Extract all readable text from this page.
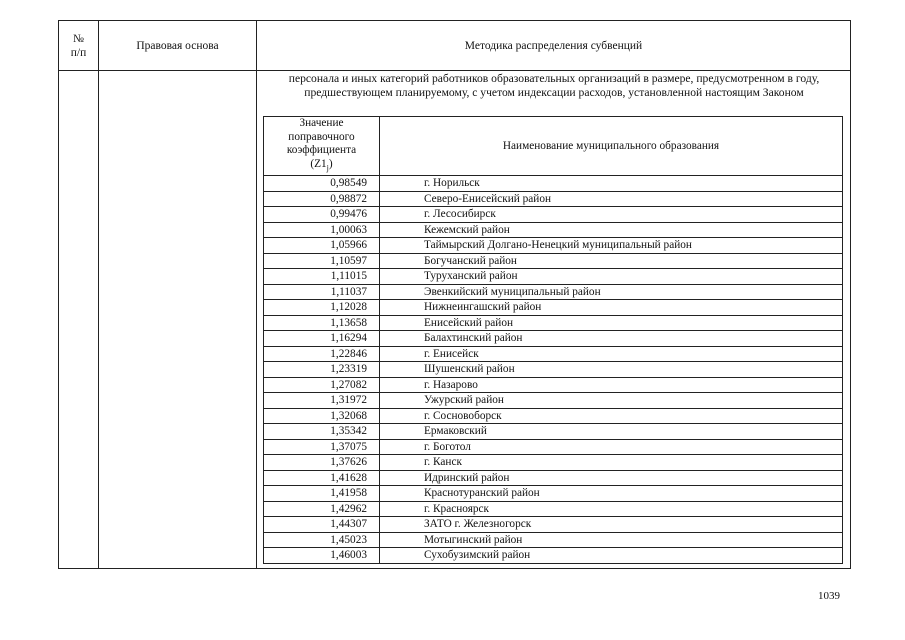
№
п/п
Правовая основа	Методика распределения субвенций
персонала и иных категорий работников образовательных организаций в размере, предусмотренном в году, предшествующем планируемому, с учетом индексации расходов, установленной настоящим Законом
Значение
поправочного
коэффициента
$(Z1_j)$	Наименование муниципального образования
0,98549	г. Норильск
0,98872	Северо-Енисейский район
0,99476	г. Лесосибирск
1,00063	Кежемский район
1,05966	Таймырский Долгано-Ненецкий муниципальный район
1,10597	Богучанский район
1,11015	Туруханский район
1,11037	Эвенкийский муниципальный район
1,12028	Нижнеингашский район
1,13658	Енисейский район
1,16294	Балахтинский район
1,22846	г. Енисейск
1,23319	Шушенский район
1,27082	г. Назарово
1,31972	Ужурский район
1,32068	г. Сосновоборск
1,35342	Ермаковский
1,37075	г. Боготол
1,37626	г. Канск
1,41628	Идринский район
1,41958	Краснотуранский район
1,42962	г. Красноярск
1,44307	ЗАТО г. Железногорск
1,45023	Мотыгинский район
1,46003	Сухобузимский район
1039
